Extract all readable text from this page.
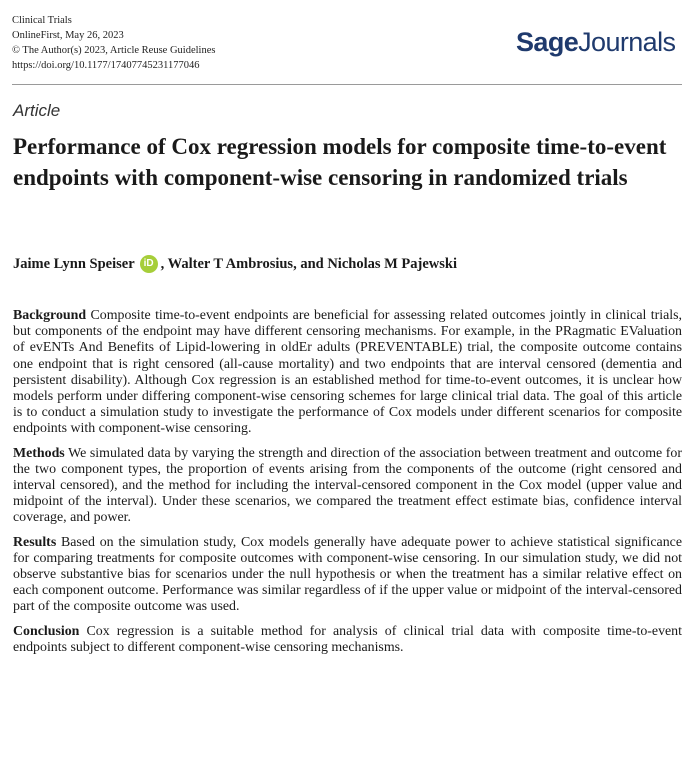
Clinical Trials
OnlineFirst, May 26, 2023
© The Author(s) 2023, Article Reuse Guidelines
https://doi.org/10.1177/17407745231177046
SageJournals
Article
Performance of Cox regression models for composite time-to-event endpoints with component-wise censoring in randomized trials
Jaime Lynn Speiser iD , Walter T Ambrosius, and Nicholas M Pajewski

Background Composite time-to-event endpoints are beneficial for assessing related outcomes jointly in clinical trials, but components of the endpoint may have different censoring mechanisms. For example, in the PRagmatic EValuation of evENTs And Benefits of Lipid-lowering in oldEr adults (PREVENTABLE) trial, the composite outcome contains one endpoint that is right censored (all-cause mortality) and two endpoints that are interval censored (dementia and persistent disability). Although Cox regression is an established method for time-to-event outcomes, it is unclear how models perform under differing component-wise censoring schemes for large clinical trial data. The goal of this article is to conduct a simulation study to investigate the performance of Cox models under different scenarios for composite endpoints with component-wise censoring.

Methods We simulated data by varying the strength and direction of the association between treatment and outcome for the two component types, the proportion of events arising from the components of the outcome (right censored and interval censored), and the method for including the interval-censored component in the Cox model (upper value and midpoint of the interval). Under these scenarios, we compared the treatment effect estimate bias, confidence interval coverage, and power.

Results Based on the simulation study, Cox models generally have adequate power to achieve statistical significance for comparing treatments for composite outcomes with component-wise censoring. In our simulation study, we did not observe substantive bias for scenarios under the null hypothesis or when the treatment has a similar relative effect on each component outcome. Performance was similar regardless of if the upper value or midpoint of the interval-censored part of the composite outcome was used.

Conclusion Cox regression is a suitable method for analysis of clinical trial data with composite time-to-event endpoints subject to different component-wise censoring mechanisms.
